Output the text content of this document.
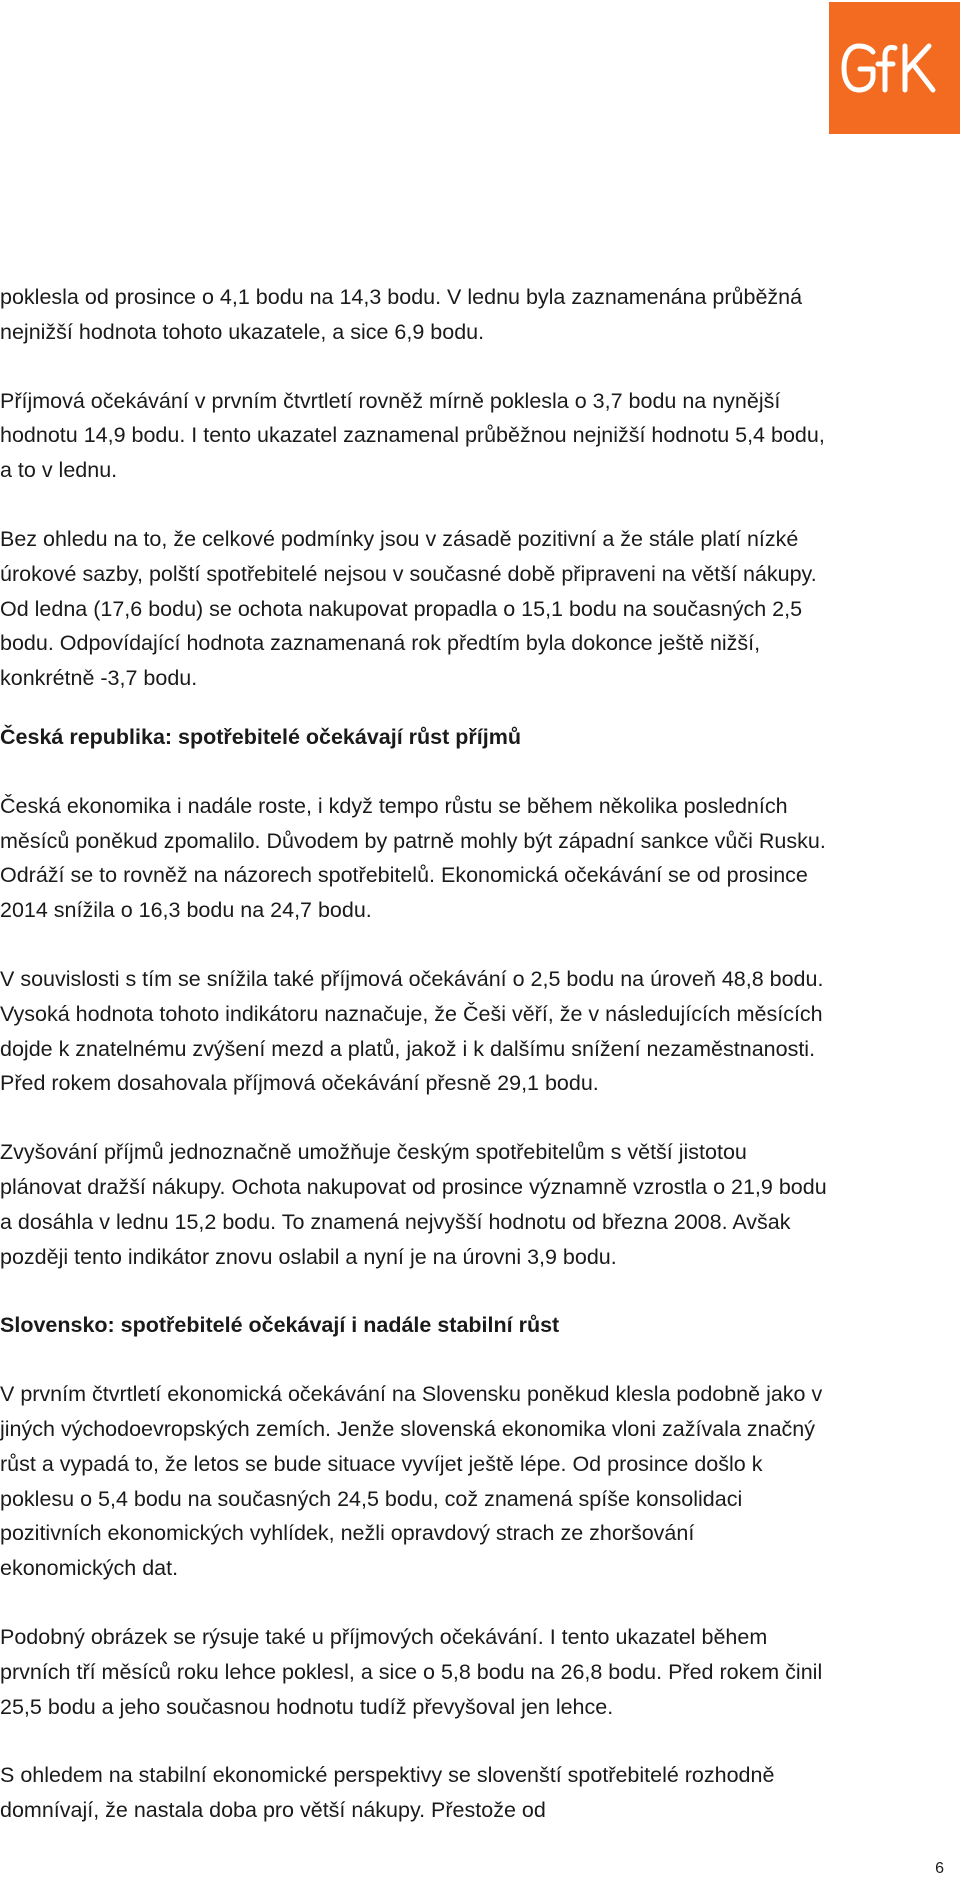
poklesla od prosince o 4,1 bodu na 14,3 bodu. V lednu byla zaznamenána průběžná nejnižší hodnota tohoto ukazatele, a sice 6,9 bodu.

Příjmová očekávání v prvním čtvrtletí rovněž mírně poklesla o 3,7 bodu na nynější hodnotu 14,9 bodu. I tento ukazatel zaznamenal průběžnou nejnižší hodnotu 5,4 bodu, a to v lednu.

Bez ohledu na to, že celkové podmínky jsou v zásadě pozitivní a že stále platí nízké úrokové sazby, polští spotřebitelé nejsou v současné době připraveni na větší nákupy. Od ledna (17,6 bodu) se ochota nakupovat propadla o 15,1 bodu na současných 2,5 bodu. Odpovídající hodnota zaznamenaná rok předtím byla dokonce ještě nižší, konkrétně -3,7 bodu.

Česká republika: spotřebitelé očekávají růst příjmů

Česká ekonomika i nadále roste, i když tempo růstu se během několika posledních měsíců poněkud zpomalilo. Důvodem by patrně mohly být západní sankce vůči Rusku. Odráží se to rovněž na názorech spotřebitelů. Ekonomická očekávání se od prosince 2014 snížila o 16,3 bodu na 24,7 bodu.

V souvislosti s tím se snížila také příjmová očekávání o 2,5 bodu na úroveň 48,8 bodu. Vysoká hodnota tohoto indikátoru naznačuje, že Češi věří, že v následujících měsících dojde k znatelnému zvýšení mezd a platů, jakož i k dalšímu snížení nezaměstnanosti. Před rokem dosahovala příjmová očekávání přesně 29,1 bodu.

Zvyšování příjmů jednoznačně umožňuje českým spotřebitelům s větší jistotou plánovat dražší nákupy. Ochota nakupovat od prosince významně vzrostla o 21,9 bodu a dosáhla v lednu 15,2 bodu. To znamená nejvyšší hodnotu od března 2008. Avšak později tento indikátor znovu oslabil a nyní je na úrovni 3,9 bodu.

Slovensko: spotřebitelé očekávají i nadále stabilní růst

V prvním čtvrtletí ekonomická očekávání na Slovensku poněkud klesla podobně jako v jiných východoevropských zemích. Jenže slovenská ekonomika vloni zažívala značný růst a vypadá to, že letos se bude situace vyvíjet ještě lépe. Od prosince došlo k poklesu o 5,4 bodu na současných 24,5 bodu, což znamená spíše konsolidaci pozitivních ekonomických vyhlídek, nežli opravdový strach ze zhoršování ekonomických dat.

Podobný obrázek se rýsuje také u příjmových očekávání. I tento ukazatel během prvních tří měsíců roku lehce poklesl, a sice o 5,8 bodu na 26,8 bodu. Před rokem činil 25,5 bodu a jeho současnou hodnotu tudíž převyšoval jen lehce.

S ohledem na stabilní ekonomické perspektivy se slovenští spotřebitelé rozhodně domnívají, že nastala doba pro větší nákupy. Přestože od

6
